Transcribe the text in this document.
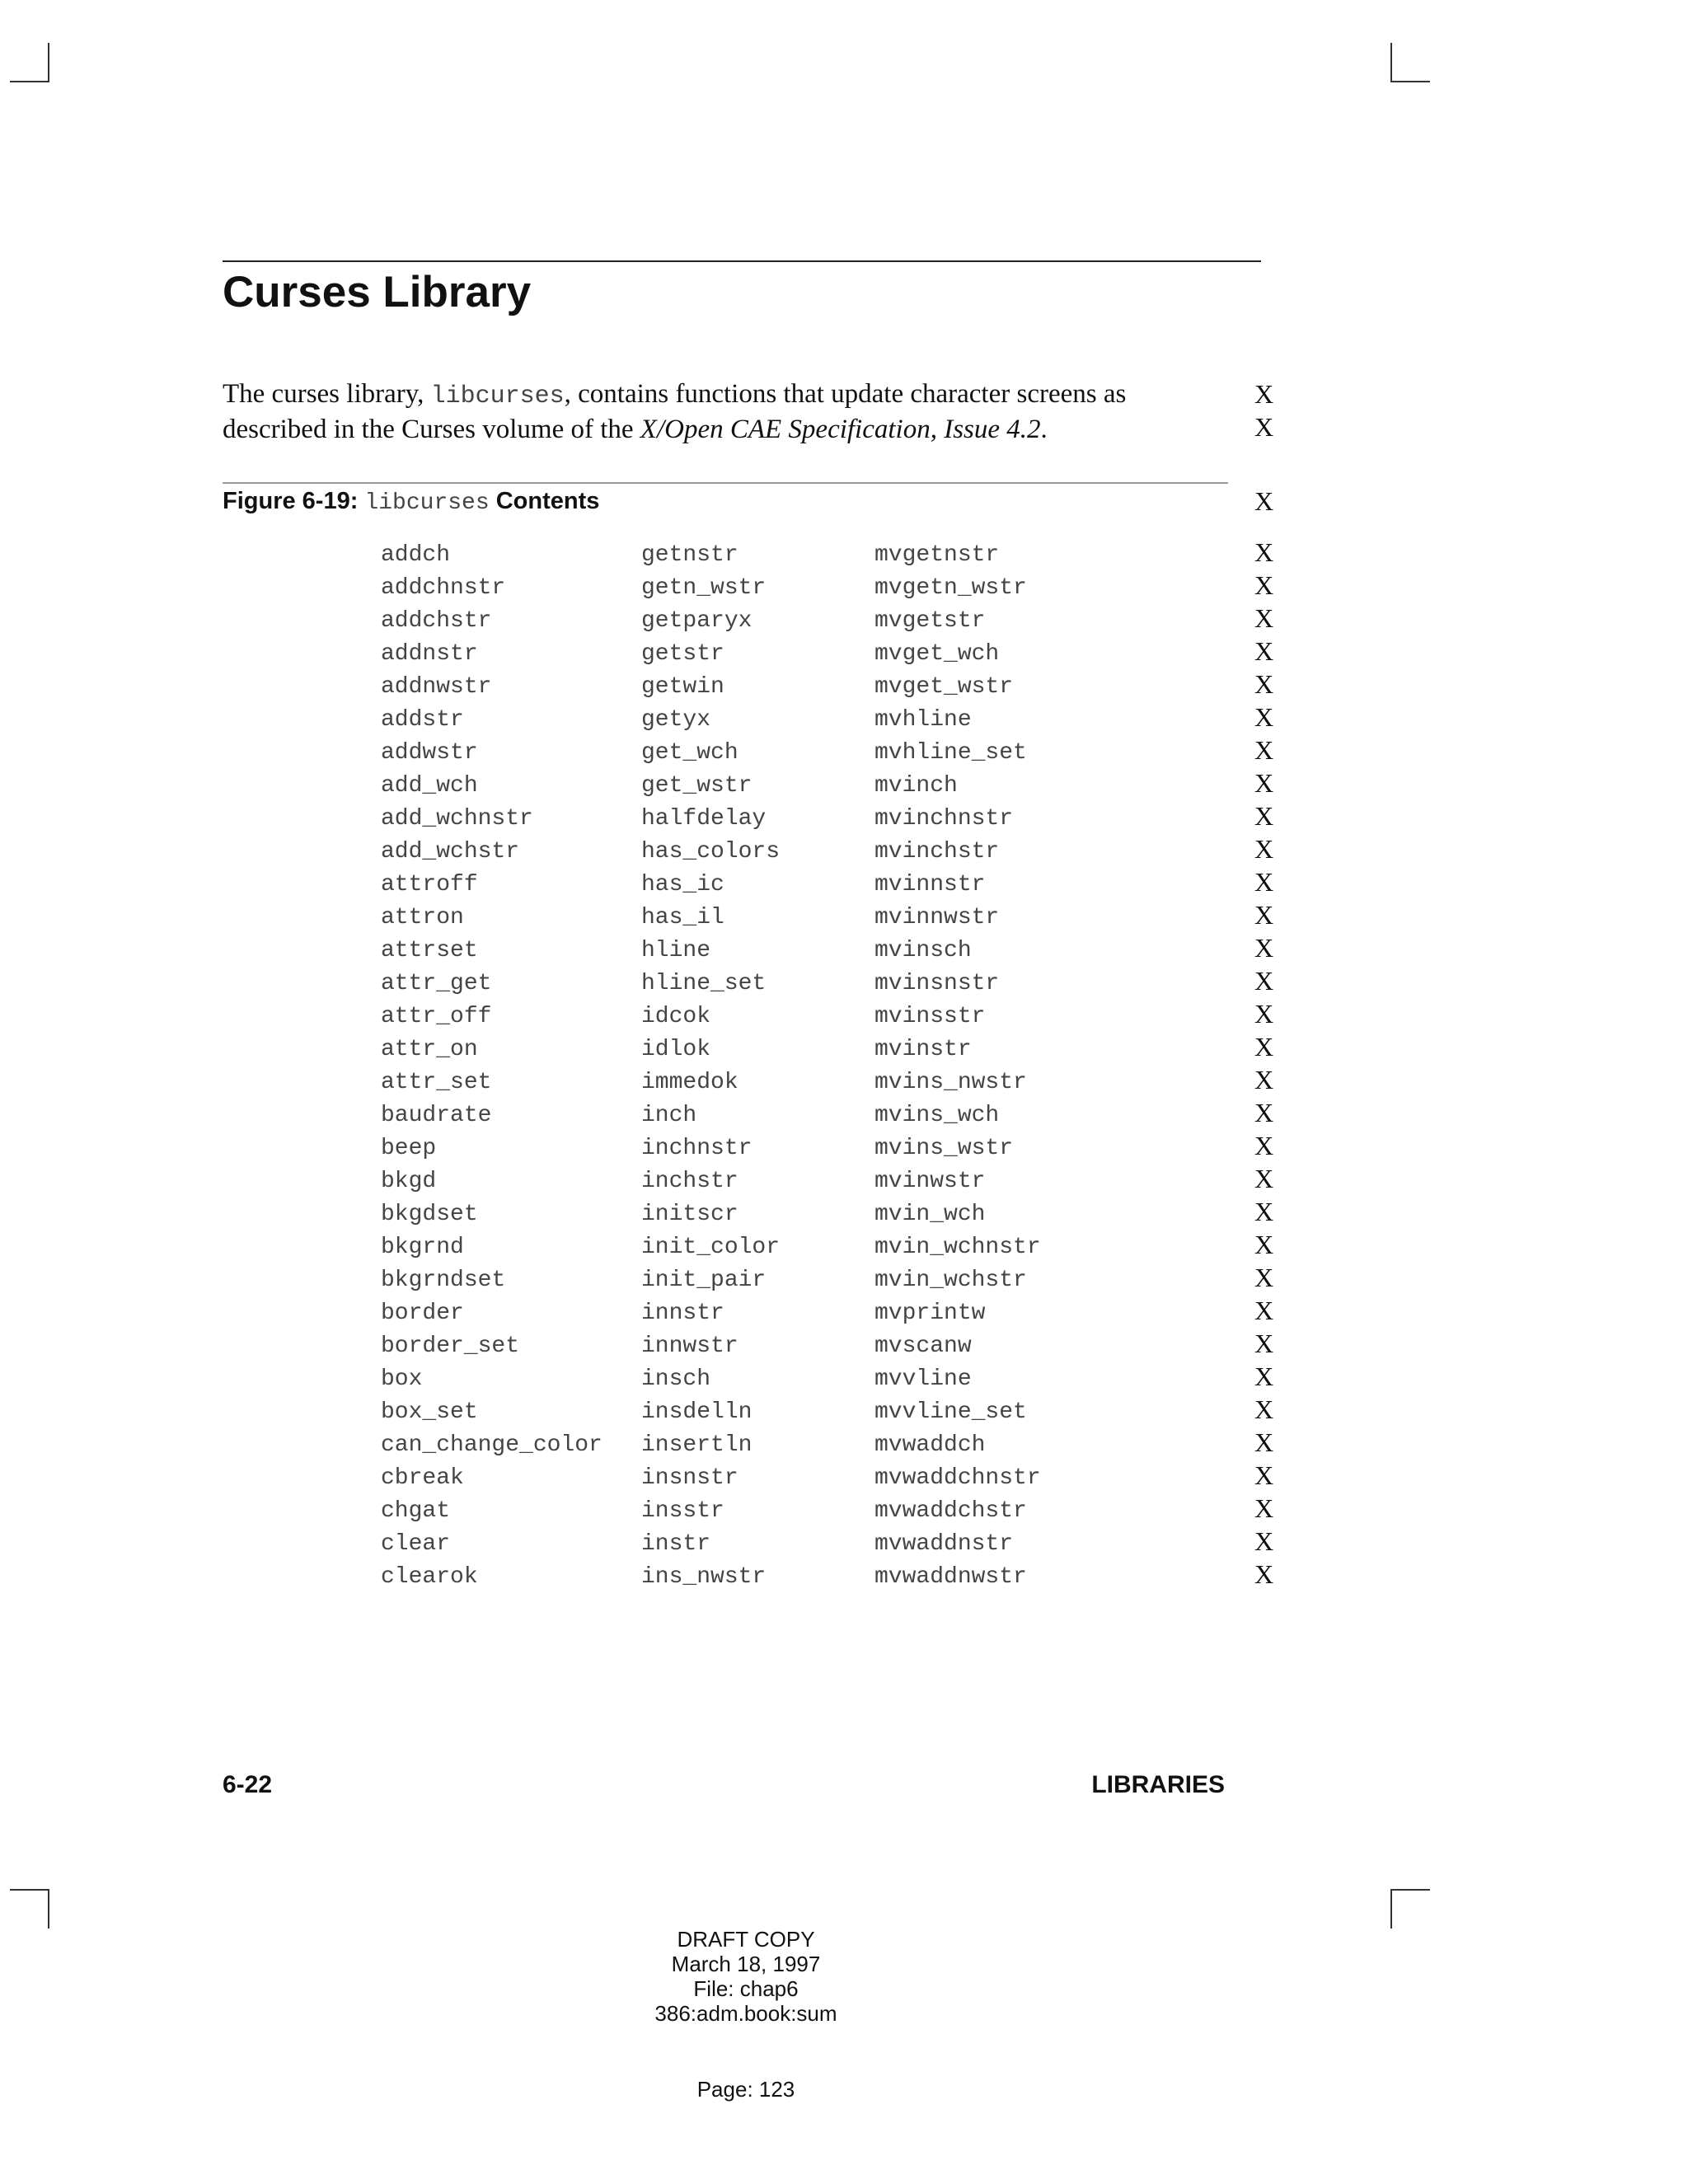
Curses Library
The curses library, libcurses, contains functions that update character screens as
described in the Curses volume of the X/Open CAE Specification, Issue 4.2.
X
X
Figure 6-19: libcurses Contents	X
addch	getnstr	mvgetnstr
addchnstr	getn_wstr	mvgetn_wstr
addchstr	getparyx	mvgetstr
addnstr	getstr	mvget_wch
addnwstr	getwin	mvget_wstr
addstr	getyx	mvhline
addwstr	get_wch	mvhline_set
add_wch	get_wstr	mvinch
add_wchnstr	halfdelay	mvinchnstr
add_wchstr	has_colors	mvinchstr
attroff	has_ic	mvinnstr
attron	has_il	mvinnwstr
attrset	hline	mvinsch
attr_get	hline_set	mvinsnstr
attr_off	idcok	mvinsstr
attr_on	idlok	mvinstr
attr_set	immedok	mvins_nwstr
baudrate	inch	mvins_wch
beep	inchnstr	mvins_wstr
bkgd	inchstr	mvinwstr
bkgdset	initscr	mvin_wch
bkgrnd	init_color	mvin_wchnstr
bkgrndset	init_pair	mvin_wchstr
border	innstr	mvprintw
border_set	innwstr	mvscanw
box	insch	mvvline
box_set	insdelln	mvvline_set
can_change_color insertln	mvwaddch
cbreak	insnstr	mvwaddchnstr
chgat	insstr	mvwaddchstr
clear	instr	mvwaddnstr
clearok	ins_nwstr	mvwaddnwstr
X
X
X
X
X
X
X
X
X
X
X
X
X
X
X
X
X
X
X
X
X
X
X
X
X
X
X
X
X
X
X
X
6-22	LIBRARIES
DRAFT COPY
March 18, 1997
File: chap6
386:adm.book:sum
Page: 123
